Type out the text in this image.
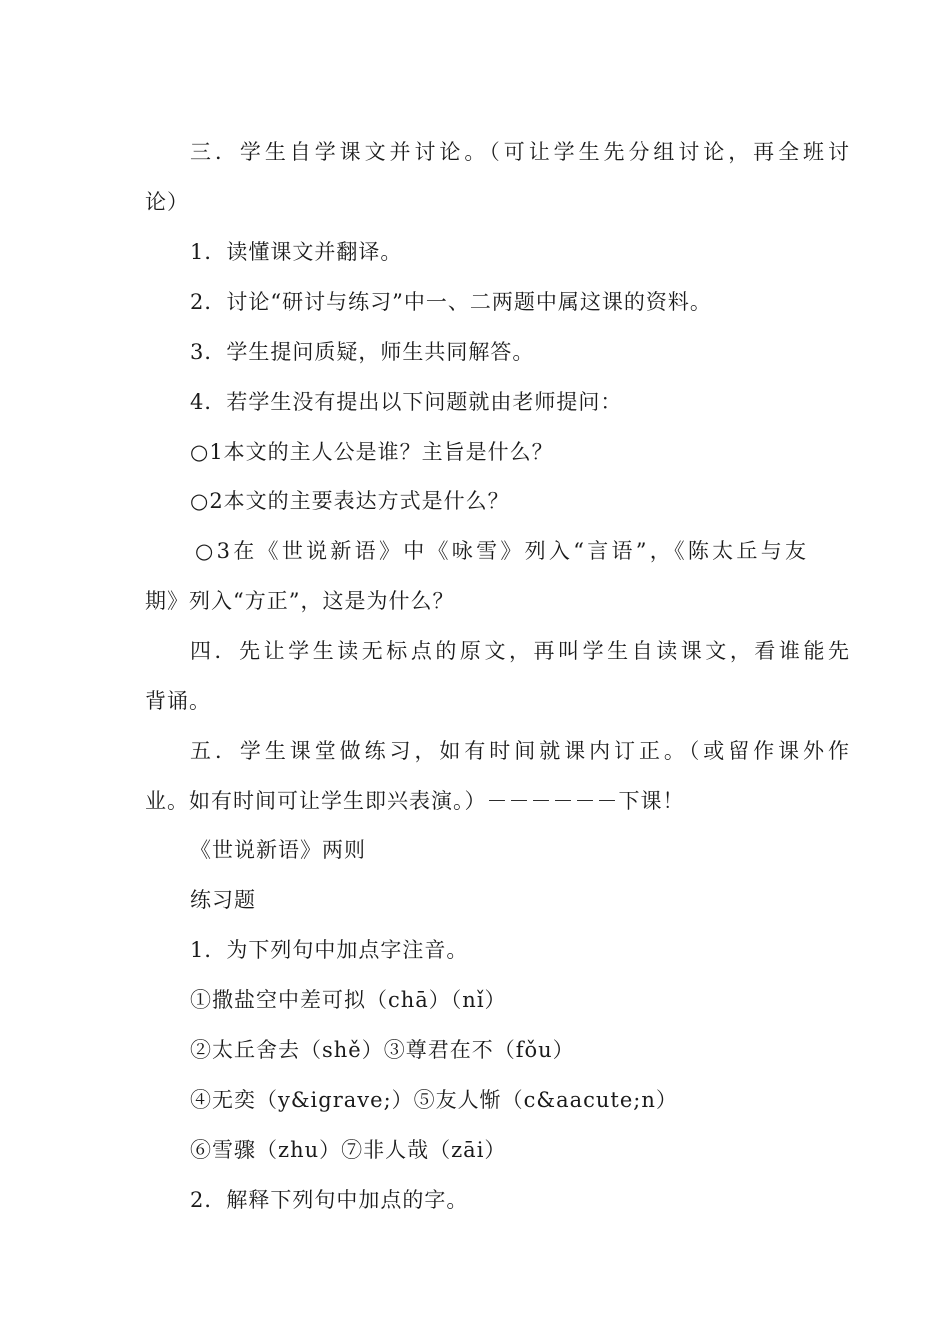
三．学生自学课文并讨论。（可让学生先分组讨论，再全班讨
论）
1．读懂课文并翻译。
2．讨论“研讨与练习”中一、二两题中属这课的资料。
3．学生提问质疑，师生共同解答。
4．若学生没有提出以下问题就由老师提问：
○1本文的主人公是谁？主旨是什么？
○2本文的主要表达方式是什么？
○3在《世说新语》中《咏雪》列入“言语”，《陈太丘与友
期》列入“方正”，这是为什么？
四．先让学生读无标点的原文，再叫学生自读课文，看谁能先
背诵。
五．学生课堂做练习，如有时间就课内订正。（或留作课外作
业。如有时间可让学生即兴表演。）－－－－－－下课！
《世说新语》两则
练习题
1．为下列句中加点字注音。
①撒盐空中差可拟（chā）（nǐ）
②太丘舍去（shě）③尊君在不（fǒu）
④无奕（y&igrave;）⑤友人惭（c&aacute;n）
⑥雪骤（zhu）⑦非人哉（zāi）
2．解释下列句中加点的字。
